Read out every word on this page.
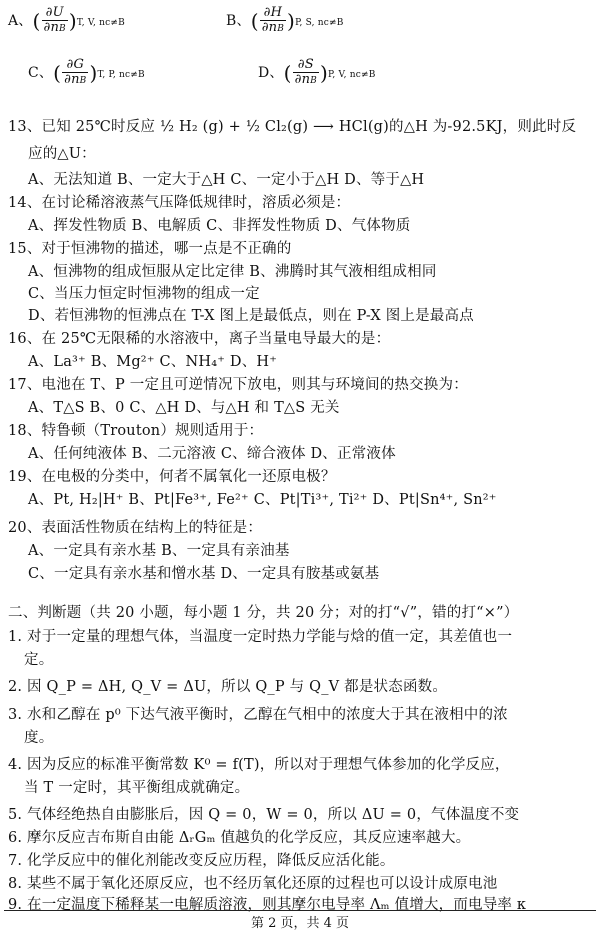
A、( $\frac{\partial U}{\partial nB} )T$, V, nc≠B	B、( $\frac{\partial H}{\partial nB} )P$, S, nc≠B
C、( $\frac{\partial G}{\partial nB} )T$, P, nc≠B	D、( $\frac{\partial S}{\partial nB} )P$, V, nc≠B
13、已知 25℃时反应 ½ H₂ (g) + ½ Cl₂(g) ⟶ HCl(g)的△H 为-92.5KJ，则此时反
应的△U：
A、无法知道 B、一定大于△H C、一定小于△H D、等于△H
14、在讨论稀溶液蒸气压降低规律时，溶质必须是：
A、挥发性物质 B、电解质 C、非挥发性物质 D、气体物质
15、对于恒沸物的描述，哪一点是不正确的
A、恒沸物的组成恒服从定比定律 B、沸腾时其气液相组成相同
C、当压力恒定时恒沸物的组成一定
D、若恒沸物的恒沸点在 T-X 图上是最低点，则在 P-X 图上是最高点
16、在 25℃无限稀的水溶液中，离子当量电导最大的是：
A、La³⁺ B、Mg²⁺ C、NH₄⁺ D、H⁺
17、电池在 T、P 一定且可逆情况下放电，则其与环境间的热交换为：
A、T△S B、0 C、△H D、与△H 和 T△S 无关
18、特鲁顿（Trouton）规则适用于：
A、任何纯液体 B、二元溶液 C、缔合液体 D、正常液体
19、在电极的分类中，何者不属氧化一还原电极？
A、Pt, H₂|H⁺ B、Pt|Fe³⁺, Fe²⁺ C、Pt|Ti³⁺, Ti²⁺ D、Pt|Sn⁴⁺, Sn²⁺
20、表面活性物质在结构上的特征是：
A、一定具有亲水基 B、一定具有亲油基
C、一定具有亲水基和憎水基 D、一定具有胺基或氨基
二、判断题（共 20 小题，每小题 1 分，共 20 分；对的打“√”，错的打“×”）
1. 对于一定量的理想气体，当温度一定时热力学能与焓的值一定，其差值也一
定。
2. 因 Q_P = ΔH, Q_V = ΔU，所以 Q_P 与 Q_V 都是状态函数。
3. 水和乙醇在 p⁰ 下达气液平衡时，乙醇在气相中的浓度大于其在液相中的浓
度。
4. 因为反应的标准平衡常数 K⁰ = f(T)，所以对于理想气体参加的化学反应，
当 T 一定时，其平衡组成就确定。
5. 气体经绝热自由膨胀后，因 Q = 0，W = 0，所以 ΔU = 0，气体温度不变
6. 摩尔反应吉布斯自由能 ΔᵣGₘ 值越负的化学反应，其反应速率越大。
7. 化学反应中的催化剂能改变反应历程，降低反应活化能。
8. 某些不属于氧化还原反应，也不经历氧化还原的过程也可以设计成原电池
9. 在一定温度下稀释某一电解质溶液，则其摩尔电导率 Λₘ 值增大，而电导率 κ
第 2 页，共 4 页
